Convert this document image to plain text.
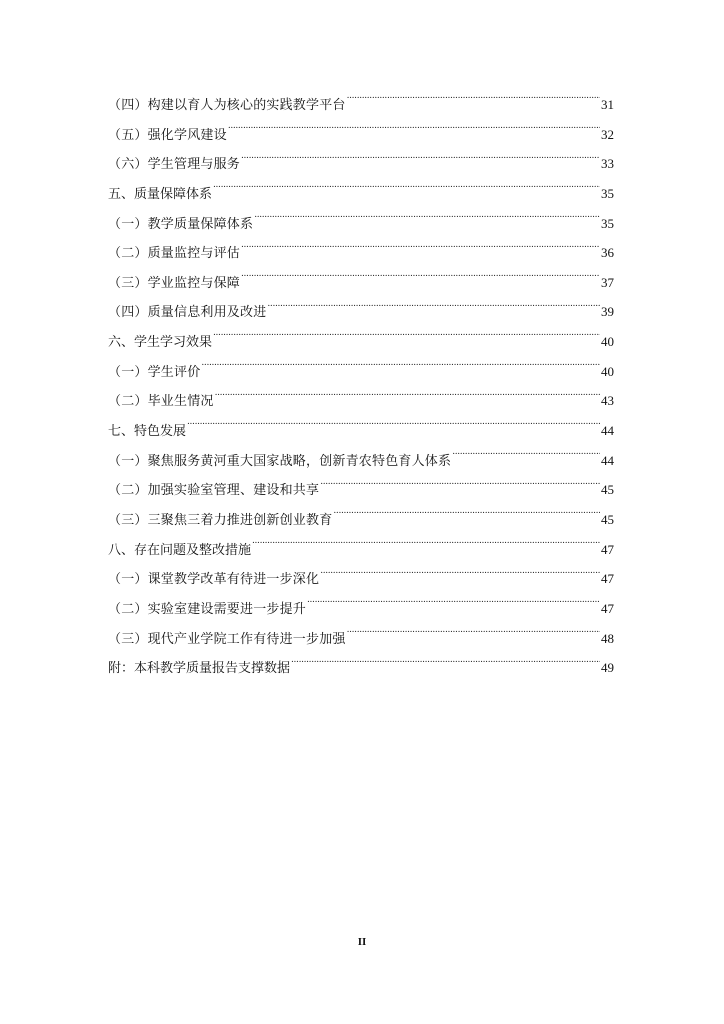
（四）构建以育人为核心的实践教学平台 . . .	31
（五）强化学风建设 . . .	32
（六）学生管理与服务 . . .	33
五、质量保障体系 . . .	35
（一）教学质量保障体系 . . .	35
（二）质量监控与评估 . . .	36
（三）学业监控与保障 . . .	37
（四）质量信息利用及改进 . . .	39
六、学生学习效果 . . .	40
（一）学生评价 . . .	40
（二）毕业生情况 . . .	43
七、特色发展 . . .	44
（一）聚焦服务黄河重大国家战略，创新青农特色育人体系 . . .	44
（二）加强实验室管理、建设和共享 . . .	45
（三）三聚焦三着力推进创新创业教育 . . .	45
八、存在问题及整改措施 . . .	47
（一）课堂教学改革有待进一步深化 . . .	47
（二）实验室建设需要进一步提升 . . .	47
（三）现代产业学院工作有待进一步加强 . . .	48
附：本科教学质量报告支撑数据 . . .	49
II
